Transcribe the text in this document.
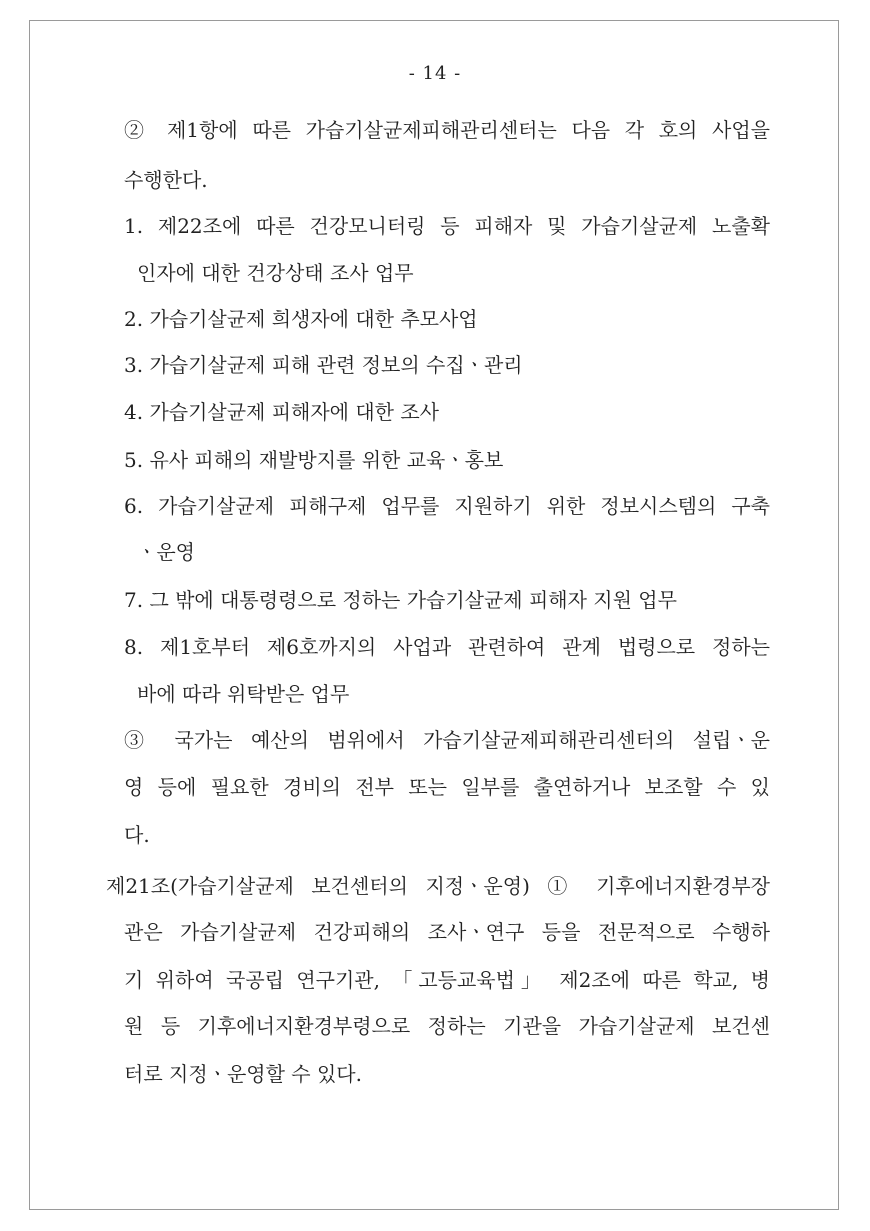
- 14 -
② 제1항에 따른 가습기살균제피해관리센터는 다음 각 호의 사업을
수행한다.
1. 제22조에 따른 건강모니터링 등 피해자 및 가습기살균제 노출확
인자에 대한 건강상태 조사 업무
2. 가습기살균제 희생자에 대한 추모사업
3. 가습기살균제 피해 관련 정보의 수집ㆍ관리
4. 가습기살균제 피해자에 대한 조사
5. 유사 피해의 재발방지를 위한 교육ㆍ홍보
6. 가습기살균제 피해구제 업무를 지원하기 위한 정보시스템의 구축
ㆍ운영
7. 그 밖에 대통령령으로 정하는 가습기살균제 피해자 지원 업무
8. 제1호부터 제6호까지의 사업과 관련하여 관계 법령으로 정하는
바에 따라 위탁받은 업무
③ 국가는 예산의 범위에서 가습기살균제피해관리센터의 설립ㆍ운
영 등에 필요한 경비의 전부 또는 일부를 출연하거나 보조할 수 있
다.
제21조(가습기살균제 보건센터의 지정ㆍ운영) ① 기후에너지환경부장
관은 가습기살균제 건강피해의 조사ㆍ연구 등을 전문적으로 수행하
기 위하여 국공립 연구기관, 「고등교육법」 제2조에 따른 학교, 병
원 등 기후에너지환경부령으로 정하는 기관을 가습기살균제 보건센
터로 지정ㆍ운영할 수 있다.
